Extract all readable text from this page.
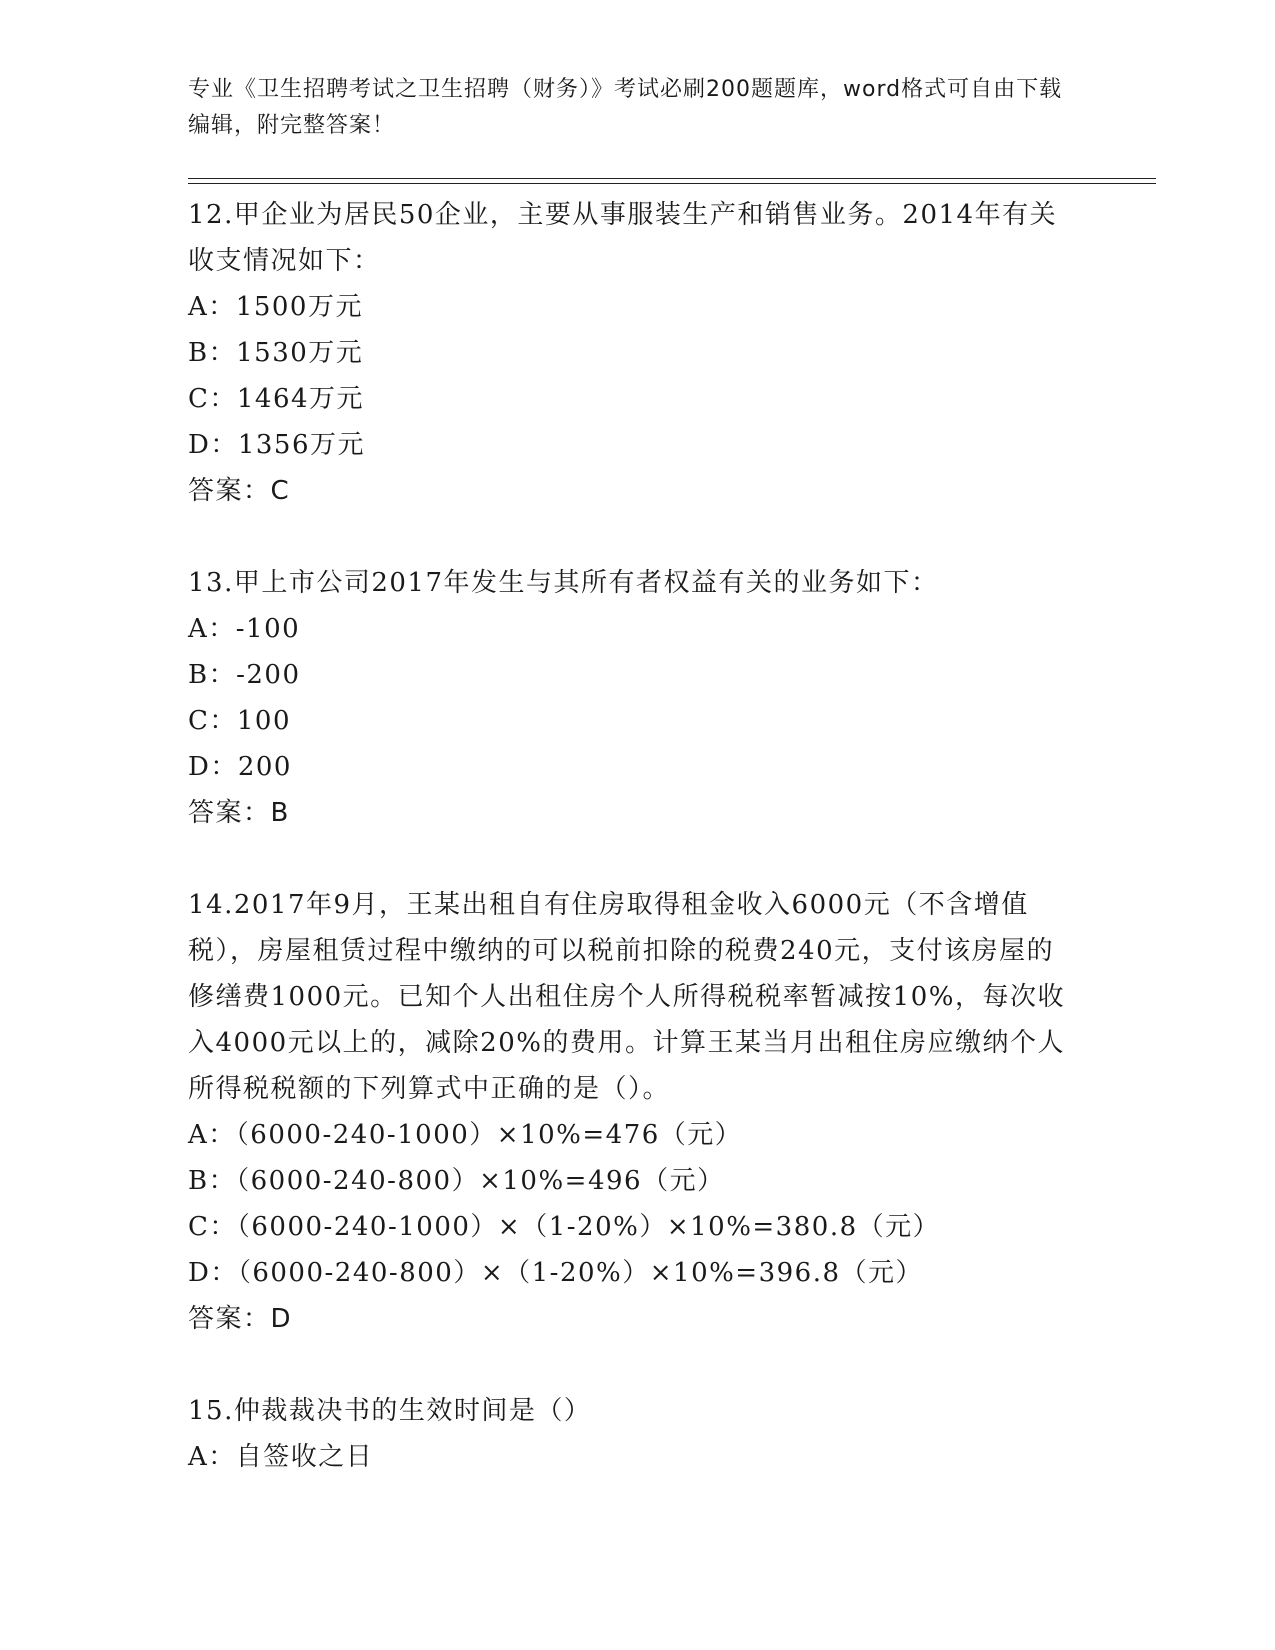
专业《卫生招聘考试之卫生招聘（财务）》考试必刷200题题库，word格式可自由下载编辑，附完整答案！

12.甲企业为居民50企业，主要从事服装生产和销售业务。2014年有关收支情况如下：

A：1500万元
B：1530万元
C：1464万元
D：1356万元

答案：C

13.甲上市公司2017年发生与其所有者权益有关的业务如下：

A：-100
B：-200
C：100
D：200

答案：B

14.2017年9月，王某出租自有住房取得租金收入6000元（不含增值税），房屋租赁过程中缴纳的可以税前扣除的税费240元，支付该房屋的修缮费1000元。已知个人出租住房个人所得税税率暂减按10%，每次收入4000元以上的，减除20%的费用。计算王某当月出租住房应缴纳个人所得税税额的下列算式中正确的是（）。

A：（6000-240-1000）×10%=476（元）
B：（6000-240-800）×10%=496（元）
C：（6000-240-1000）×（1-20%）×10%=380.8（元）
D：（6000-240-800）×（1-20%）×10%=396.8（元）

答案：D

15.仲裁裁决书的生效时间是（）

A：自签收之日
